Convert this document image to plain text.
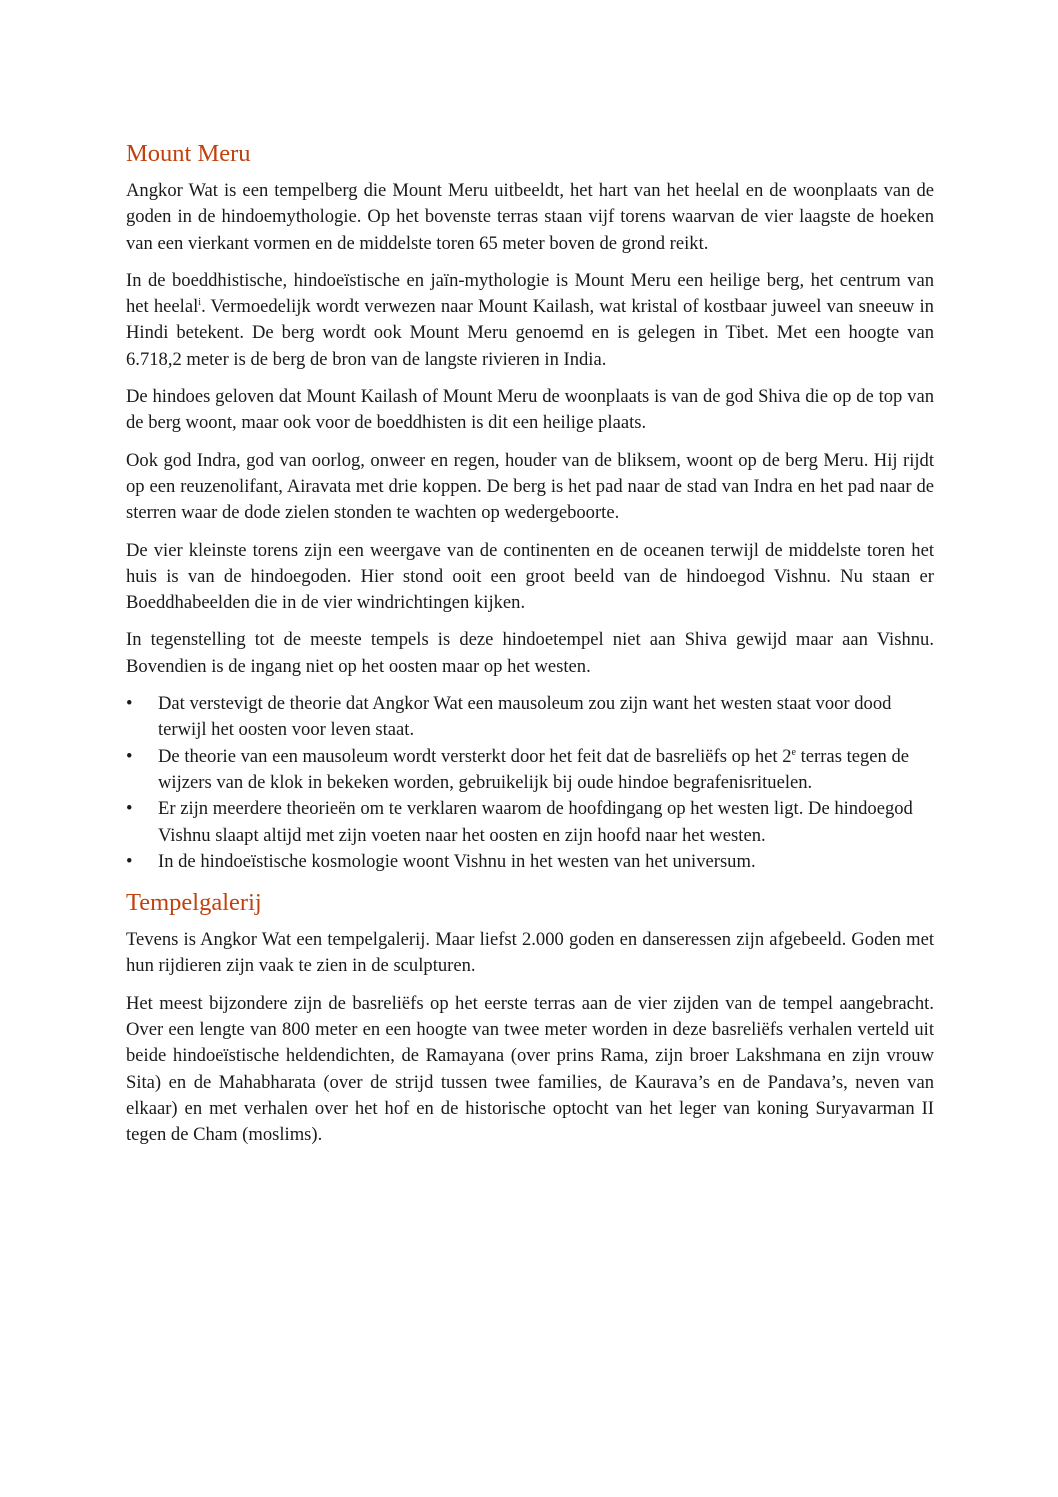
Mount Meru

Angkor Wat is een tempelberg die Mount Meru uitbeeldt, het hart van het heelal en de woonplaats van de goden in de hindoemythologie. Op het bovenste terras staan vijf torens waarvan de vier laagste de hoeken van een vierkant vormen en de middelste toren 65 meter boven de grond reikt.

In de boeddhistische, hindoeïstische en jaïn-mythologie is Mount Meru een heilige berg, het centrum van het heelal$^i$. Vermoedelijk wordt verwezen naar Mount Kailash, wat kristal of kostbaar juweel van sneeuw in Hindi betekent. De berg wordt ook Mount Meru genoemd en is gelegen in Tibet. Met een hoogte van 6.718,2 meter is de berg de bron van de langste rivieren in India.

De hindoes geloven dat Mount Kailash of Mount Meru de woonplaats is van de god Shiva die op de top van de berg woont, maar ook voor de boeddhisten is dit een heilige plaats.

Ook god Indra, god van oorlog, onweer en regen, houder van de bliksem, woont op de berg Meru. Hij rijdt op een reuzenolifant, Airavata met drie koppen. De berg is het pad naar de stad van Indra en het pad naar de sterren waar de dode zielen stonden te wachten op wedergeboorte.

De vier kleinste torens zijn een weergave van de continenten en de oceanen terwijl de middelste toren het huis is van de hindoegoden. Hier stond ooit een groot beeld van de hindoegod Vishnu. Nu staan er Boeddhabeelden die in de vier windrichtingen kijken.

In tegenstelling tot de meeste tempels is deze hindoetempel niet aan Shiva gewijd maar aan Vishnu. Bovendien is de ingang niet op het oosten maar op het westen.

•	Dat verstevigt de theorie dat Angkor Wat een mausoleum zou zijn want het westen staat voor dood terwijl het oosten voor leven staat.
•	De theorie van een mausoleum wordt versterkt door het feit dat de basreliëfs op het 2e terras tegen de wijzers van de klok in bekeken worden, gebruikelijk bij oude hindoe begrafenisrituelen.
•	Er zijn meerdere theorieën om te verklaren waarom de hoofdingang op het westen ligt. De hindoegod Vishnu slaapt altijd met zijn voeten naar het oosten en zijn hoofd naar het westen.
•	In de hindoeïstische kosmologie woont Vishnu in het westen van het universum.
Tempelgalerij

Tevens is Angkor Wat een tempelgalerij. Maar liefst 2.000 goden en danseressen zijn afgebeeld. Goden met hun rijdieren zijn vaak te zien in de sculpturen.

Het meest bijzondere zijn de basreliëfs op het eerste terras aan de vier zijden van de tempel aangebracht. Over een lengte van 800 meter en een hoogte van twee meter worden in deze basreliëfs verhalen verteld uit beide hindoeïstische heldendichten, de Ramayana (over prins Rama, zijn broer Lakshmana en zijn vrouw Sita) en de Mahabharata (over de strijd tussen twee families, de Kaurava’s en de Pandava’s, neven van elkaar) en met verhalen over het hof en de historische optocht van het leger van koning Suryavarman II tegen de Cham (moslims).
